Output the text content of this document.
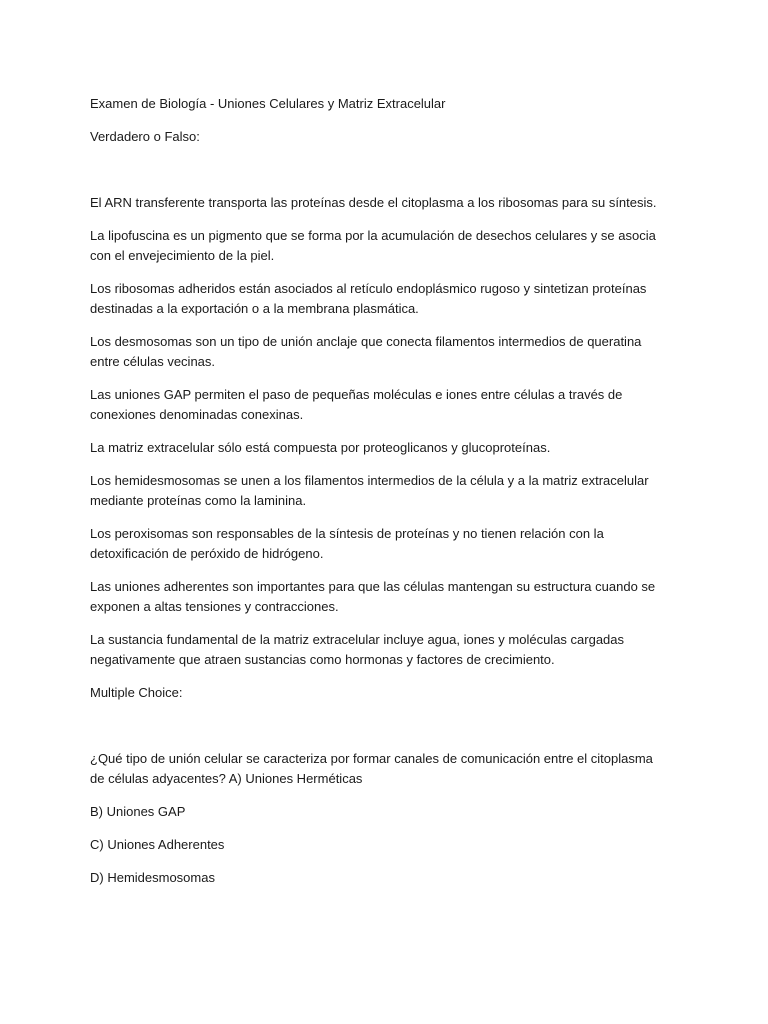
Examen de Biología - Uniones Celulares y Matriz Extracelular

Verdadero o Falso:

El ARN transferente transporta las proteínas desde el citoplasma a los ribosomas para su síntesis.

La lipofuscina es un pigmento que se forma por la acumulación de desechos celulares y se asocia con el envejecimiento de la piel.

Los ribosomas adheridos están asociados al retículo endoplásmico rugoso y sintetizan proteínas destinadas a la exportación o a la membrana plasmática.

Los desmosomas son un tipo de unión anclaje que conecta filamentos intermedios de queratina entre células vecinas.

Las uniones GAP permiten el paso de pequeñas moléculas e iones entre células a través de conexiones denominadas conexinas.

La matriz extracelular sólo está compuesta por proteoglicanos y glucoproteínas.

Los hemidesmosomas se unen a los filamentos intermedios de la célula y a la matriz extracelular mediante proteínas como la laminina.

Los peroxisomas son responsables de la síntesis de proteínas y no tienen relación con la detoxificación de peróxido de hidrógeno.

Las uniones adherentes son importantes para que las células mantengan su estructura cuando se exponen a altas tensiones y contracciones.

La sustancia fundamental de la matriz extracelular incluye agua, iones y moléculas cargadas negativamente que atraen sustancias como hormonas y factores de crecimiento.

Multiple Choice:

¿Qué tipo de unión celular se caracteriza por formar canales de comunicación entre el citoplasma de células adyacentes? A) Uniones Herméticas

B) Uniones GAP

C) Uniones Adherentes

D) Hemidesmosomas
